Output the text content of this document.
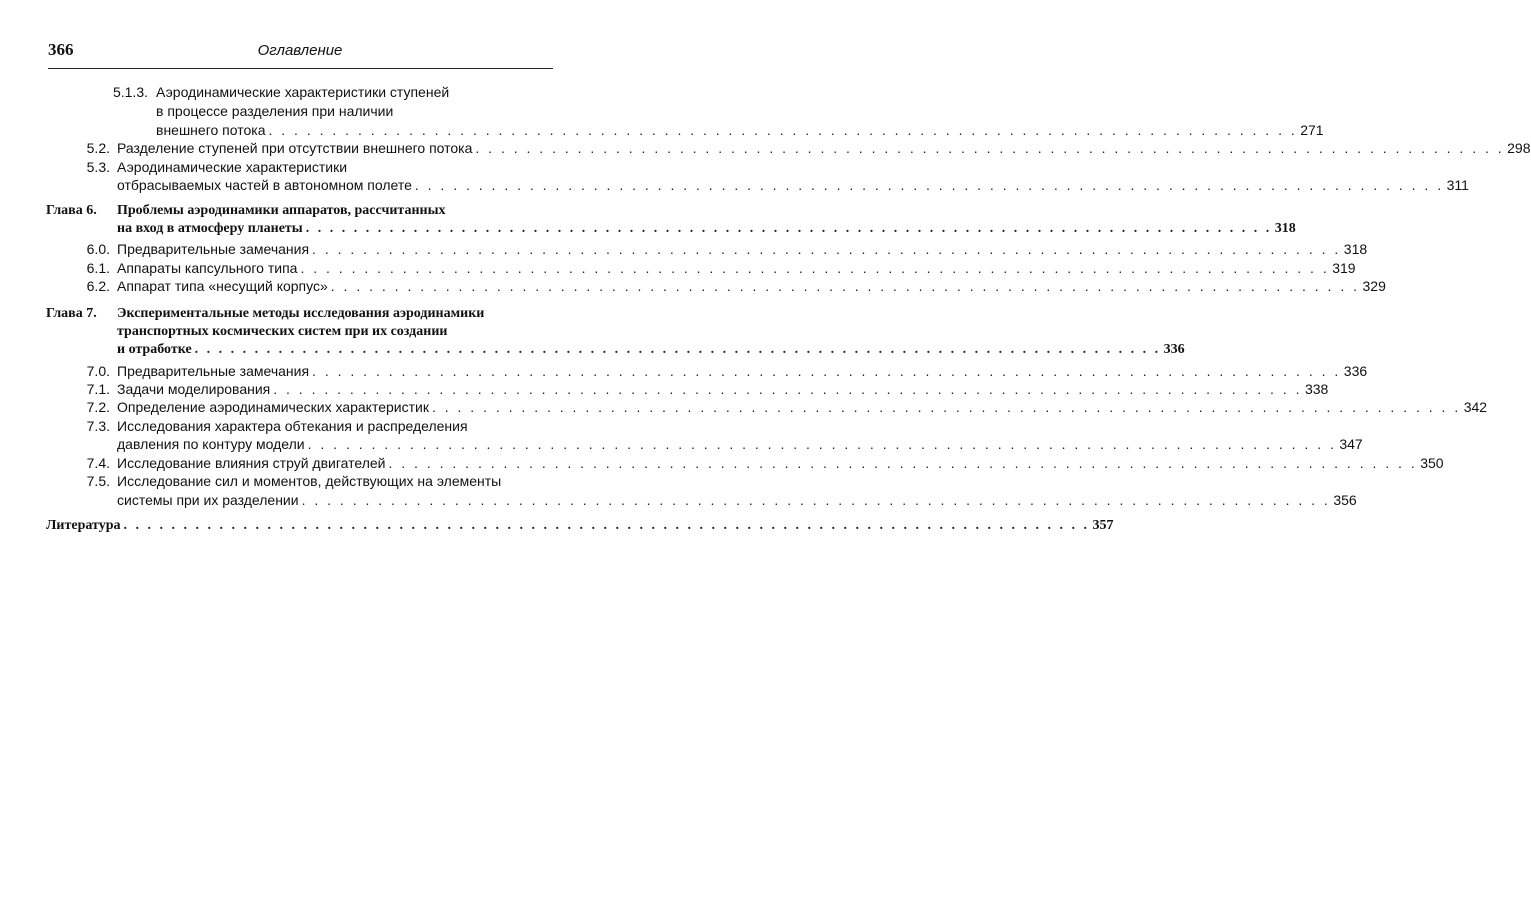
366	Оглавление
5.1.3. Аэродинамические характеристики ступеней
в процессе разделения при наличии
внешнего потока . . . . . . . . . . . . . . . . . . . . . . . . . . . . . . . . . . . . . . . . . . . . . . . . . . . . . . . . . . . . . . . . . . . . . . . . . . . . . . . . . 271
5.2. Разделение ступеней при отсутствии внешнего потока . . . . . . . . . . . . . . . . . . . . . . . . . . . . . . . . . . . . . . . . . . . . . . . . . . . . . . . . . . . . . . . . . . . . . . . . . . . . . . . . . 298
5.3. Аэродинамические характеристики
отбрасываемых частей в автономном полете . . . . . . . . . . . . . . . . . . . . . . . . . . . . . . . . . . . . . . . . . . . . . . . . . . . . . . . . . . . . . . . . . . . . . . . . . . . . . . . . . 311
Глава 6.	Проблемы аэродинамики аппаратов, рассчитанных
на вход в атмосферу планеты . . . . . . . . . . . . . . . . . . . . . . . . . . . . . . . . . . . . . . . . . . . . . . . . . . . . . . . . . . . . . . . . . . . . . . . . . . . . . . . . . 318
6.0. Предварительные замечания . . . . . . . . . . . . . . . . . . . . . . . . . . . . . . . . . . . . . . . . . . . . . . . . . . . . . . . . . . . . . . . . . . . . . . . . . . . . . . . . . 318
6.1. Аппараты капсульного типа . . . . . . . . . . . . . . . . . . . . . . . . . . . . . . . . . . . . . . . . . . . . . . . . . . . . . . . . . . . . . . . . . . . . . . . . . . . . . . . . . 319
6.2. Аппарат типа «несущий корпус» . . . . . . . . . . . . . . . . . . . . . . . . . . . . . . . . . . . . . . . . . . . . . . . . . . . . . . . . . . . . . . . . . . . . . . . . . . . . . . . . . 329
Глава 7.	Экспериментальные методы исследования аэродинамики
транспортных космических систем при их создании
и отработке . . . . . . . . . . . . . . . . . . . . . . . . . . . . . . . . . . . . . . . . . . . . . . . . . . . . . . . . . . . . . . . . . . . . . . . . . . . . . . . . . 336
7.0. Предварительные замечания . . . . . . . . . . . . . . . . . . . . . . . . . . . . . . . . . . . . . . . . . . . . . . . . . . . . . . . . . . . . . . . . . . . . . . . . . . . . . . . . . 336
7.1. Задачи моделирования . . . . . . . . . . . . . . . . . . . . . . . . . . . . . . . . . . . . . . . . . . . . . . . . . . . . . . . . . . . . . . . . . . . . . . . . . . . . . . . . . 338
7.2. Определение аэродинамических характеристик . . . . . . . . . . . . . . . . . . . . . . . . . . . . . . . . . . . . . . . . . . . . . . . . . . . . . . . . . . . . . . . . . . . . . . . . . . . . . . . . . 342
7.3. Исследования характера обтекания и распределения
давления по контуру модели . . . . . . . . . . . . . . . . . . . . . . . . . . . . . . . . . . . . . . . . . . . . . . . . . . . . . . . . . . . . . . . . . . . . . . . . . . . . . . . . . 347
7.4. Исследование влияния струй двигателей . . . . . . . . . . . . . . . . . . . . . . . . . . . . . . . . . . . . . . . . . . . . . . . . . . . . . . . . . . . . . . . . . . . . . . . . . . . . . . . . . 350
7.5. Исследование сил и моментов, действующих на элементы
системы при их разделении . . . . . . . . . . . . . . . . . . . . . . . . . . . . . . . . . . . . . . . . . . . . . . . . . . . . . . . . . . . . . . . . . . . . . . . . . . . . . . . . . 356
Литература . . . . . . . . . . . . . . . . . . . . . . . . . . . . . . . . . . . . . . . . . . . . . . . . . . . . . . . . . . . . . . . . . . . . . . . . . . . . . . . . . 357
